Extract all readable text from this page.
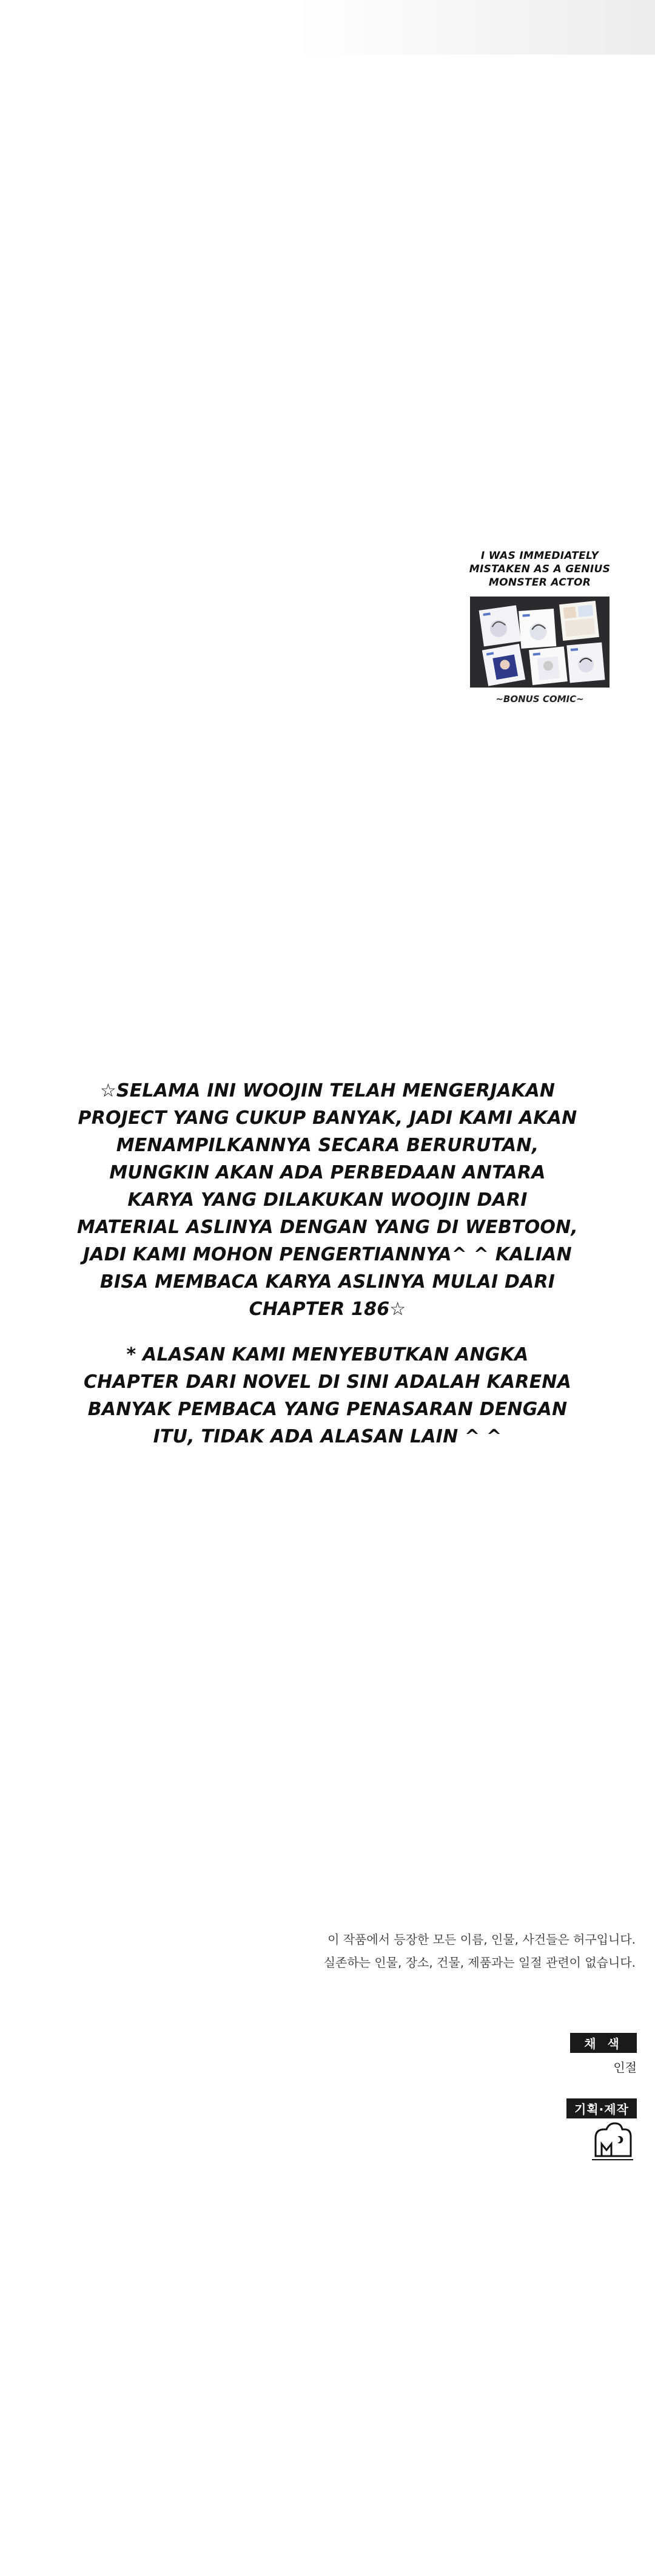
I WAS IMMEDIATELY
MISTAKEN AS A GENIUS
MONSTER ACTOR
~BONUS COMIC~

☆SELAMA INI WOOJIN TELAH MENGERJAKAN PROJECT YANG CUKUP BANYAK, JADI KAMI AKAN MENAMPILKANNYA SECARA BERURUTAN, MUNGKIN AKAN ADA PERBEDAAN ANTARA KARYA YANG DILAKUKAN WOOJIN DARI MATERIAL ASLINYA DENGAN YANG DI WEBTOON, JADI KAMI MOHON PENGERTIANNYA^ ^ KALIAN BISA MEMBACA KARYA ASLINYA MULAI DARI CHAPTER 186☆

* ALASAN KAMI MENYEBUTKAN ANGKA CHAPTER DARI NOVEL DI SINI ADALAH KARENA BANYAK PEMBACA YANG PENASARAN DENGAN ITU, TIDAK ADA ALASAN LAIN ^ ^

이 작품에서 등장한 모든 이름, 인물, 사건들은 허구입니다.
실존하는 인물, 장소, 건물, 제품과는 일절 관련이 없습니다.
채 색
인절
기획·제작
